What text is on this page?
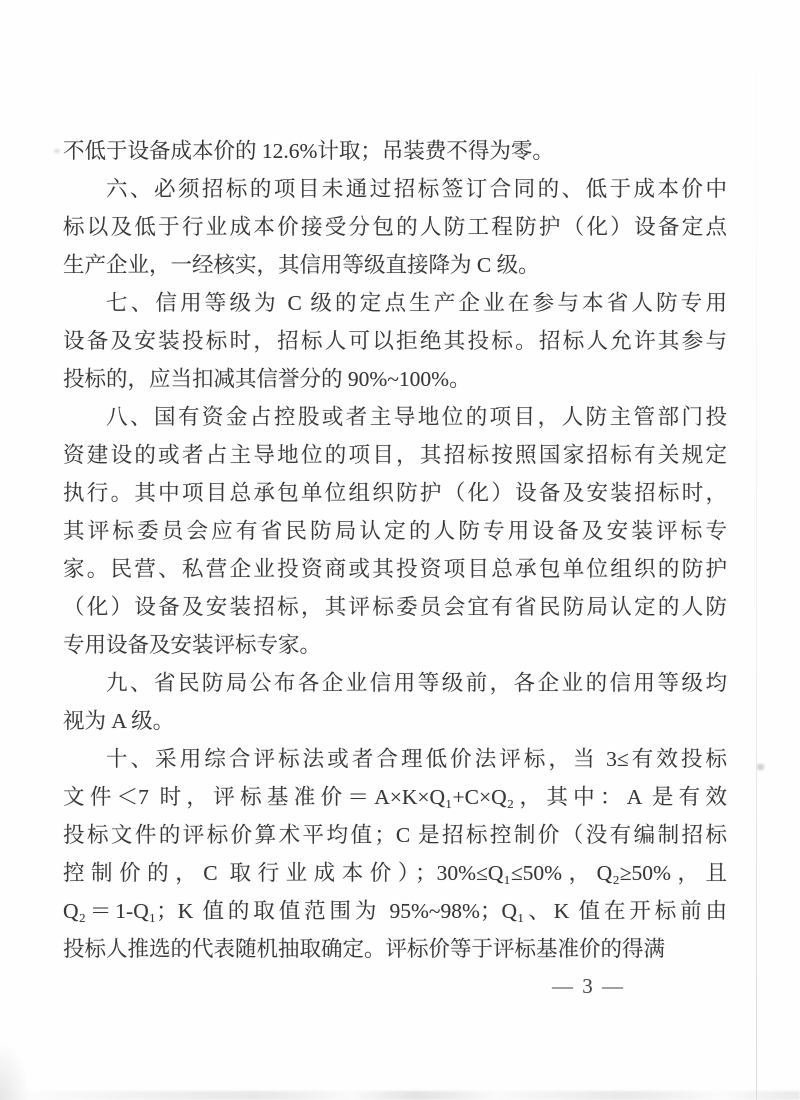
不低于设备成本价的 12.6%计取；吊装费不得为零。
六、必须招标的项目未通过招标签订合同的、低于成本价中
标以及低于行业成本价接受分包的人防工程防护（化）设备定点
生产企业，一经核实，其信用等级直接降为 C 级。
七、信用等级为 C 级的定点生产企业在参与本省人防专用
设备及安装投标时，招标人可以拒绝其投标。招标人允许其参与
投标的，应当扣减其信誉分的 90%~100%。
八、国有资金占控股或者主导地位的项目，人防主管部门投
资建设的或者占主导地位的项目，其招标按照国家招标有关规定
执行。其中项目总承包单位组织防护（化）设备及安装招标时，
其评标委员会应有省民防局认定的人防专用设备及安装评标专
家。民营、私营企业投资商或其投资项目总承包单位组织的防护
（化）设备及安装招标，其评标委员会宜有省民防局认定的人防
专用设备及安装评标专家。
九、省民防局公布各企业信用等级前，各企业的信用等级均
视为 A 级。
十、采用综合评标法或者合理低价法评标，当 3≤有效投标
文件＜7 时，评标基准价＝A×K×Q₁+C×Q₂，其中：A 是有效
投标文件的评标价算术平均值；C 是招标控制价（没有编制招标
控制价的，C 取行业成本价）；30%≤Q₁≤50%，Q₂≥50%，且
Q₂＝1-Q₁；K 值的取值范围为 95%~98%；Q₁、K 值在开标前由
投标人推选的代表随机抽取确定。评标价等于评标基准价的得满
— 3 —
